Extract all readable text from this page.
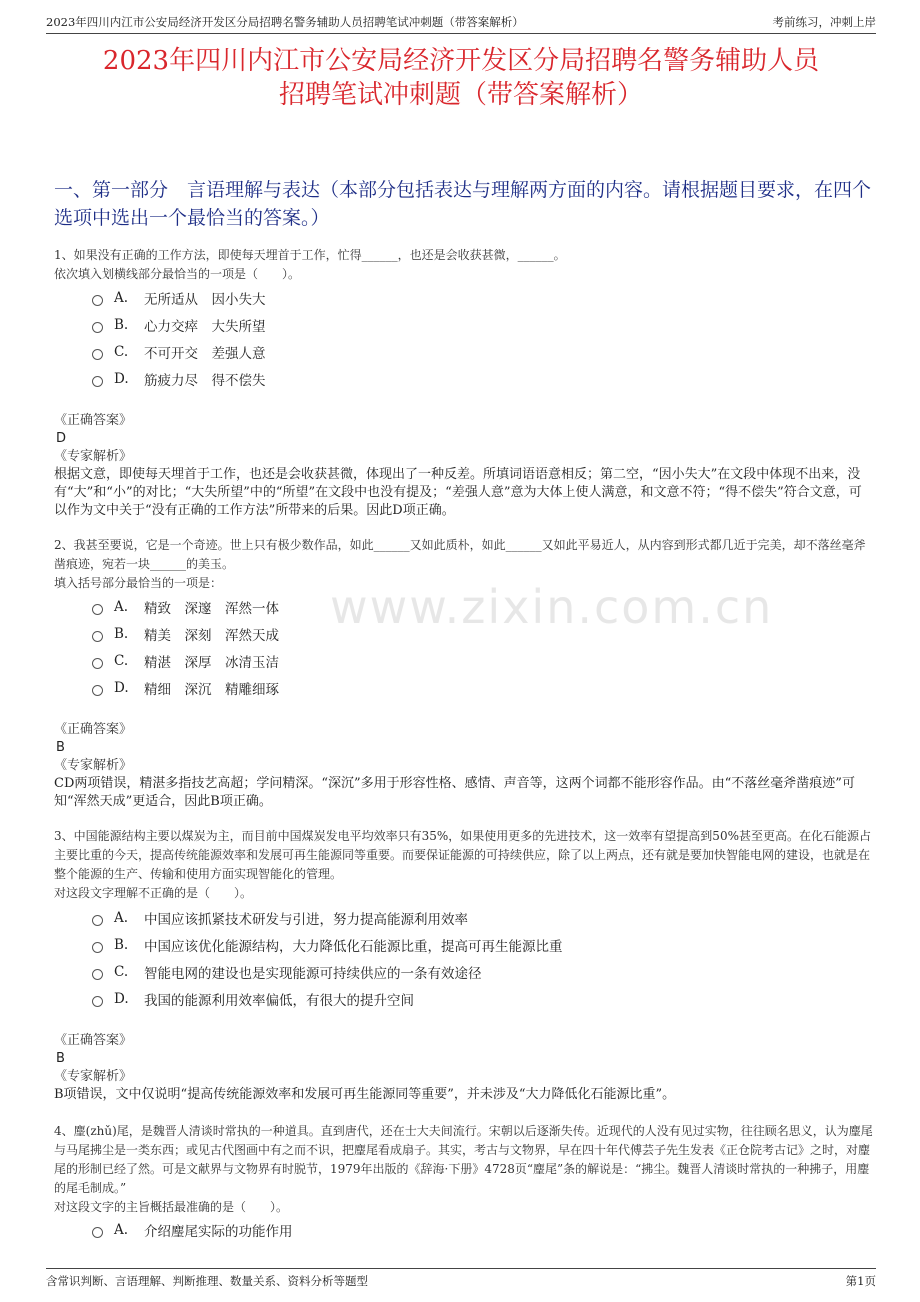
2023年四川内江市公安局经济开发区分局招聘名警务辅助人员招聘笔试冲刺题（带答案解析）	考前练习，冲刺上岸
2023年四川内江市公安局经济开发区分局招聘名警务辅助人员
招聘笔试冲刺题（带答案解析）
一、第一部分　言语理解与表达（本部分包括表达与理解两方面的内容。请根据题目要求，在四个选项中选出一个最恰当的答案。）
www.zixin.com.cn
1、如果没有正确的工作方法，即使每天埋首于工作，忙得______，也还是会收获甚微，______。
依次填入划横线部分最恰当的一项是（　　）。
A.	无所适从　因小失大
B.	心力交瘁　大失所望
C.	不可开交　差强人意
D.	筋疲力尽　得不偿失
《正确答案》
D
《专家解析》
根据文意，即使每天埋首于工作，也还是会收获甚微，体现出了一种反差。所填词语语意相反；第二空，“因小失大”在文段中体现不出来，没有“大”和“小”的对比；“大失所望”中的“所望”在文段中也没有提及；“差强人意”意为大体上使人满意，和文意不符；“得不偿失”符合文意，可以作为文中关于“没有正确的工作方法”所带来的后果。因此D项正确。
2、我甚至要说，它是一个奇迹。世上只有极少数作品，如此______又如此质朴，如此______又如此平易近人，从内容到形式都几近于完美，却不落丝毫斧凿痕迹，宛若一块______的美玉。
填入括号部分最恰当的一项是：
A.	精致　深邃　浑然一体
B.	精美　深刻　浑然天成
C.	精湛　深厚　冰清玉洁
D.	精细　深沉　精雕细琢
《正确答案》
B
《专家解析》
CD两项错误，精湛多指技艺高超；学问精深。“深沉”多用于形容性格、感情、声音等，这两个词都不能形容作品。由“不落丝毫斧凿痕迹”可知“浑然天成”更适合，因此B项正确。
3、中国能源结构主要以煤炭为主，而目前中国煤炭发电平均效率只有35%，如果使用更多的先进技术，这一效率有望提高到50%甚至更高。在化石能源占主要比重的今天，提高传统能源效率和发展可再生能源同等重要。而要保证能源的可持续供应，除了以上两点，还有就是要加快智能电网的建设，也就是在整个能源的生产、传输和使用方面实现智能化的管理。
对这段文字理解不正确的是（　　）。
A.	中国应该抓紧技术研发与引进，努力提高能源利用效率
B.	中国应该优化能源结构，大力降低化石能源比重，提高可再生能源比重
C.	智能电网的建设也是实现能源可持续供应的一条有效途径
D.	我国的能源利用效率偏低，有很大的提升空间
《正确答案》
B
《专家解析》
B项错误，文中仅说明“提高传统能源效率和发展可再生能源同等重要”，并未涉及“大力降低化石能源比重”。
4、麈(zhǔ)尾，是魏晋人清谈时常执的一种道具。直到唐代，还在士大夫间流行。宋朝以后逐渐失传。近现代的人没有见过实物，往往顾名思义，认为麈尾与马尾拂尘是一类东西；或见古代图画中有之而不识，把麈尾看成扇子。其实，考古与文物界，早在四十年代傅芸子先生发表《正仓院考古记》之时，对麈尾的形制已经了然。可是文献界与文物界有时脱节，1979年出版的《辞海·下册》4728页“麈尾”条的解说是：“拂尘。魏晋人清谈时常执的一种拂子，用麈的尾毛制成。”
对这段文字的主旨概括最准确的是（　　）。
A.	介绍麈尾实际的功能作用
含常识判断、言语理解、判断推理、数量关系、资料分析等题型	第1页
